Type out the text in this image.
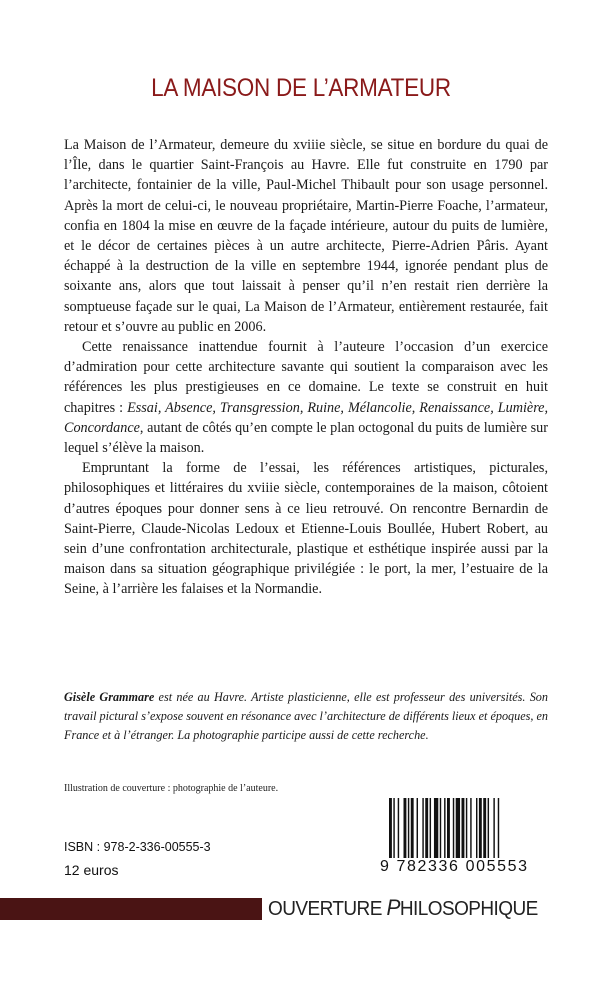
LA MAISON DE L’ARMATEUR

La Maison de l’Armateur, demeure du xviiie siècle, se situe en bordure du quai de l’Île, dans le quartier Saint-François au Havre. Elle fut construite en 1790 par l’architecte, fontainier de la ville, Paul-Michel Thibault pour son usage personnel. Après la mort de celui-ci, le nouveau propriétaire, Martin-Pierre Foache, l’armateur, confia en 1804 la mise en œuvre de la façade intérieure, autour du puits de lumière, et le décor de certaines pièces à un autre architecte, Pierre-Adrien Pâris. Ayant échappé à la destruction de la ville en septembre 1944, ignorée pendant plus de soixante ans, alors que tout laissait à penser qu’il n’en restait rien derrière la somptueuse façade sur le quai, La Maison de l’Armateur, entièrement restaurée, fait retour et s’ouvre au public en 2006.

Cette renaissance inattendue fournit à l’auteure l’occasion d’un exercice d’admiration pour cette architecture savante qui soutient la comparaison avec les références les plus prestigieuses en ce domaine. Le texte se construit en huit chapitres : Essai, Absence, Transgression, Ruine, Mélancolie, Renaissance, Lumière, Concordance, autant de côtés qu’en compte le plan octogonal du puits de lumière sur lequel s’élève la maison.

Empruntant la forme de l’essai, les références artistiques, picturales, philosophiques et littéraires du xviiie siècle, contemporaines de la maison, côtoient d’autres époques pour donner sens à ce lieu retrouvé. On rencontre Bernardin de Saint-Pierre, Claude-Nicolas Ledoux et Etienne-Louis Boullée, Hubert Robert, au sein d’une confrontation architecturale, plastique et esthétique inspirée aussi par la maison dans sa situation géographique privilégiée : le port, la mer, l’estuaire de la Seine, à l’arrière les falaises et la Normandie.

Gisèle Grammare est née au Havre. Artiste plasticienne, elle est professeur des universités. Son travail pictural s’expose souvent en résonance avec l’architecture de différents lieux et époques, en France et à l’étranger. La photographie participe aussi de cette recherche.
Illustration de couverture : photographie de l’auteure.
ISBN : 978-2-336-00555-3
12 euros	9 782336 005553
OUVERTURE PHILOSOPHIQUE
